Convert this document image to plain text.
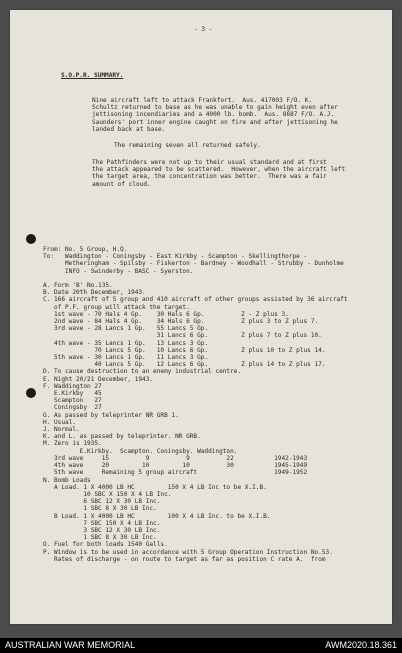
- 3 -
S.O.P.R. SUMMARY.
Nine aircraft left to attack Frankfort.  Aus. 417003 F/O. K.
Schultz returned to base as he was unable to gain height even after
jettisoning incendiaries and a 4000 lb. bomb.  Aus. 8687 F/O. A.J.
Saunders' port inner engine caught on fire and after jettisoning he
landed back at base.
The remaining seven all returned safely.
The Pathfinders were not up to their usual standard and at first
the attack appeared to be scattered.  However, when the aircraft left
the target area, the concentration was better.  There was a fair
amount of cloud.
From: No. 5 Group, H.Q.
To:   Waddington - Coningsby - East Kirkby - Scampton - Skellingthorpe -
Metheringham - Spilsby - Fiskerton - Bardney - Woodhall - Strubby - Dunholme
INFO - Swinderby - BASC - Syerston.

A. Form 'B' No.135.
B. Date 20th December, 1943.
C. 166 aircraft of 5 group and 410 aircraft of other groups assisted by 36 aircraft
of P.F. group will attack the target.
1st wave - 70 Hals 4 Gp.    30 Hals 6 Gp.          Z - Z plus 3.
2nd wave - 84 Hals 4 Gp.    34 Hals 6 Gp.          Z plus 3 to Z plus 7.
3rd wave - 28 Lancs 1 Gp.   55 Lancs 5 Gp.
31 Lancs 6 Gp.         Z plus 7 to Z plus 10.
4th wave - 35 Lancs 1 Gp.   13 Lancs 3 Gp.
70 Lancs 5 Gp.   10 Lancs 6 Gp.         Z plus 10 to Z plus 14.
5th wave - 30 Lancs 1 Gp.   11 Lancs 3 Gp.
40 Lancs 5 Gp.   12 Lancs 6 Gp.         Z plus 14 to Z plus 17.
D. To cause destruction to an enemy industrial centre.
E. Night 20/21 December, 1943.
F. Waddington 27
E.Kirkby   45
Scampton   27
Coningsby  27
G. As passed by teleprinter NR GRB 1.
H. Usual.
J. Normal.
K. and L. as passed by teleprinter. NR GRB.
M. Zero is 1935.
E.Kirkby.  Scampton. Coningsby. Waddington.
3rd wave     15          9          9          22           1942-1943
4th wave     20         10         10          30           1945-1949
5th wave     Remaining 5 group aircraft                     1949-1952
N. Bomb Loads
A Load. 1 X 4000 LB HC         150 X 4 LB Inc to be X.I.B.
10 SBC X 150 X 4 LB Inc.
6 SBC 12 X 30 LB Inc.
1 SBC 8 X 30 LB Inc.
B Load. 1 X 4000 LB HC         100 X 4 LB Inc. to be X.I.B.
7 SBC 150 X 4 LB Inc.
3 SBC 12 X 30 LB Inc.
1 SBC 8 X 30 LB Inc.
O. Fuel for both loads 1540 Galls.
P. Window is to be used in accordance with 5 Group Operation Instruction No.53.
Rates of discharge - on route to target as far as position C rate A.  from
AUSTRALIAN WAR MEMORIAL	AWM2020.18.361
